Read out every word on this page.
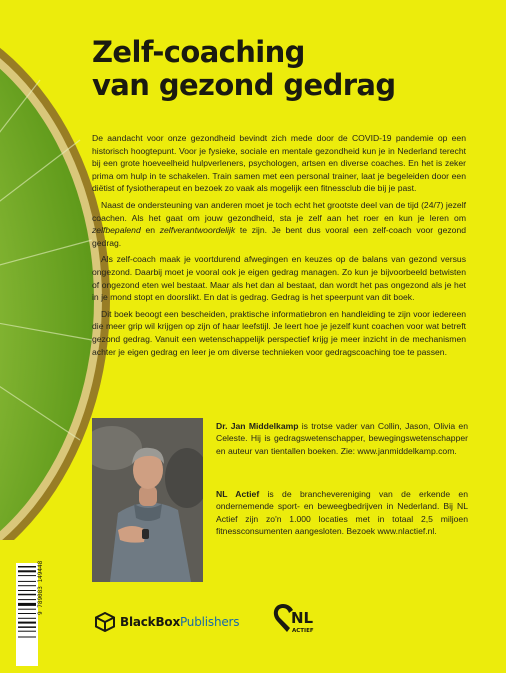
Zelf-coaching
van gezond gedrag

De aandacht voor onze gezondheid bevindt zich mede door de COVID-19 pandemie op een historisch hoogtepunt. Voor je fysieke, sociale en mentale gezondheid kun je in Nederland terecht bij een grote hoeveelheid hulpverleners, psychologen, artsen en diverse coaches. En het is zeker prima om hulp in te schakelen. Train samen met een personal trainer, laat je begeleiden door een diëtist of fysiotherapeut en bezoek zo vaak als mogelijk een fitnessclub die bij je past.

Naast de ondersteuning van anderen moet je toch echt het grootste deel van de tijd (24/7) jezelf coachen. Als het gaat om jouw gezondheid, sta je zelf aan het roer en kun je leren om zelfbepalend en zelfverantwoordelijk te zijn. Je bent dus vooral een zelf-coach voor gezond gedrag.

Als zelf-coach maak je voortdurend afwegingen en keuzes op de balans van gezond versus ongezond. Daarbij moet je vooral ook je eigen gedrag managen. Zo kun je bijvoorbeeld betwisten of ongezond eten wel bestaat. Maar als het dan al bestaat, dan wordt het pas ongezond als je het in je mond stopt en doorslikt. En dat is gedrag. Gedrag is het speerpunt van dit boek.

Dit boek beoogt een bescheiden, praktische informatiebron en handleiding te zijn voor iedereen die meer grip wil krijgen op zijn of haar leefstijl. Je leert hoe je jezelf kunt coachen voor wat betreft gezond gedrag. Vanuit een wetenschappelijk perspectief krijg je meer inzicht in de mechanismen achter je eigen gedrag en leer je om diverse technieken voor gedragscoaching toe te passen.

Dr. Jan Middelkamp is trotse vader van Collin, Jason, Olivia en Celeste. Hij is gedragswetenschapper, bewegingswetenschapper en auteur van tientallen boeken. Zie: www.janmiddelkamp.com.

NL Actief is de branchevereniging van de erkende en ondernemende sport- en beweegbedrijven in Nederland. Bij NL Actief zijn zo'n 1.000 locaties met in totaal 2,5 miljoen fitnessconsumenten aangesloten. Bezoek www.nlactief.nl.

9 789083 149448
BlackBox Publishers	NL
ACTIEF
